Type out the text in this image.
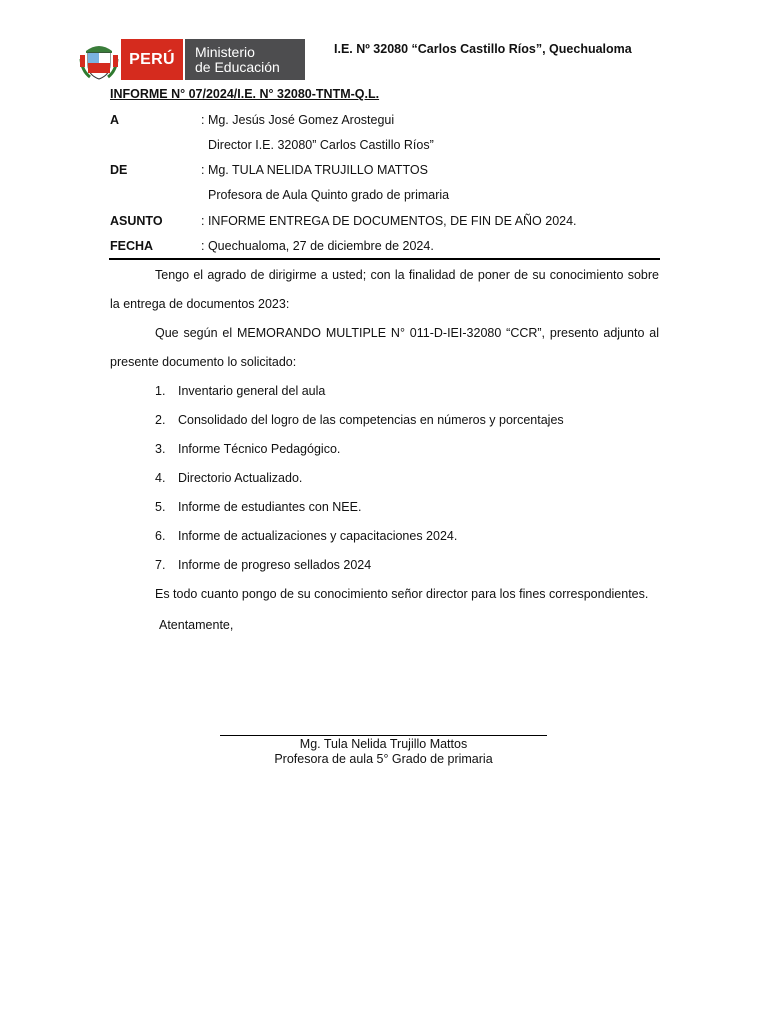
PERÚ	Ministerio
de Educación
I.E. Nº 32080 “Carlos Castillo Ríos”, Quechualoma
INFORME N° 07/2024/I.E. N° 32080-TNTM-Q.L.
A	: Mg. Jesús José Gomez Arostegui
Director I.E. 32080” Carlos Castillo Ríos”
DE	: Mg. TULA NELIDA TRUJILLO MATTOS
Profesora de Aula Quinto grado de primaria
ASUNTO	: INFORME ENTREGA DE DOCUMENTOS, DE FIN DE AÑO 2024.
FECHA	: Quechualoma, 27 de diciembre de 2024.
Tengo el agrado de dirigirme a usted; con la finalidad de poner de su conocimiento sobre
la entrega de documentos 2023:
Que según el MEMORANDO MULTIPLE N° 011-D-IEI-32080 “CCR”, presento adjunto al
presente documento lo solicitado:
1. Inventario general del aula
2. Consolidado del logro de las competencias en números y porcentajes
3. Informe Técnico Pedagógico.
4. Directorio Actualizado.
5. Informe de estudiantes con NEE.
6. Informe de actualizaciones y capacitaciones 2024.
7. Informe de progreso sellados 2024
Es todo cuanto pongo de su conocimiento señor director para los fines correspondientes.
Atentamente,
Mg. Tula Nelida Trujillo Mattos
Profesora de aula 5° Grado de primaria
